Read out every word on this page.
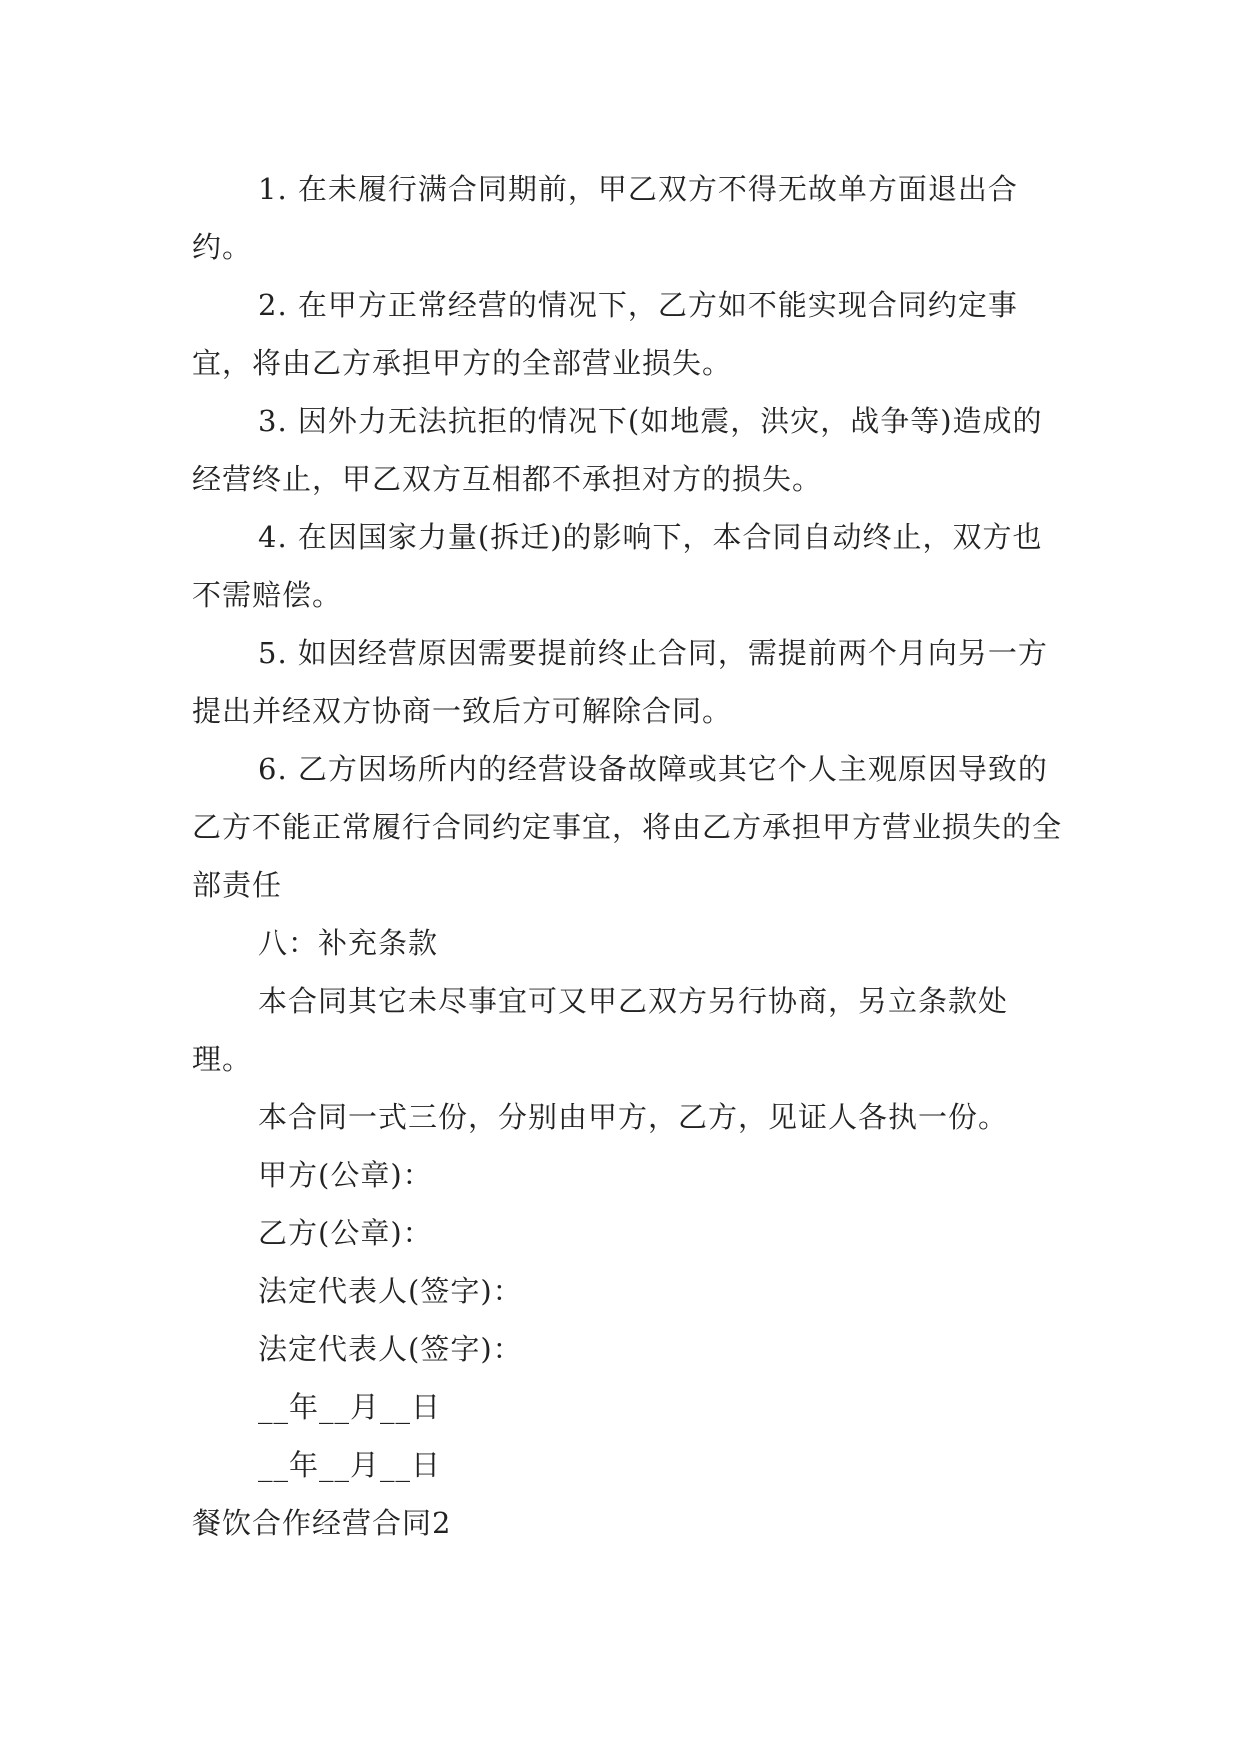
1. 在未履行满合同期前，甲乙双方不得无故单方面退出合约。

2. 在甲方正常经营的情况下，乙方如不能实现合同约定事宜，将由乙方承担甲方的全部营业损失。

3. 因外力无法抗拒的情况下(如地震，洪灾，战争等)造成的经营终止，甲乙双方互相都不承担对方的损失。

4. 在因国家力量(拆迁)的影响下，本合同自动终止，双方也不需赔偿。

5. 如因经营原因需要提前终止合同，需提前两个月向另一方提出并经双方协商一致后方可解除合同。

6. 乙方因场所内的经营设备故障或其它个人主观原因导致的乙方不能正常履行合同约定事宜，将由乙方承担甲方营业损失的全部责任

八：补充条款

本合同其它未尽事宜可又甲乙双方另行协商，另立条款处理。

本合同一式三份，分别由甲方，乙方，见证人各执一份。

甲方(公章)：

乙方(公章)：

法定代表人(签字)：

法定代表人(签字)：

__年__月__日

__年__月__日

餐饮合作经营合同2
